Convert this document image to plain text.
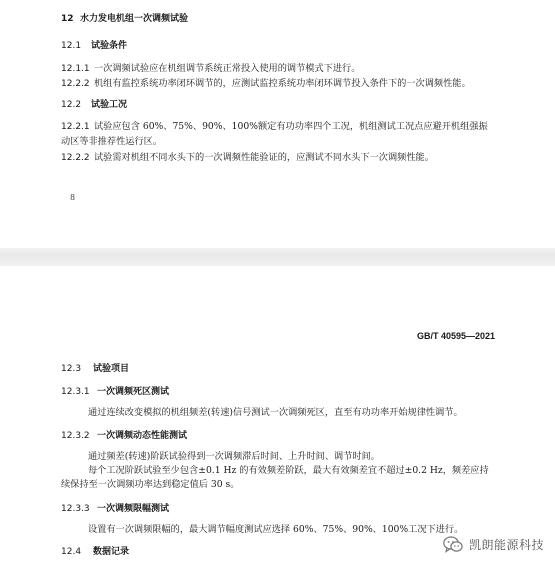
12 水力发电机组一次调频试验
12.1 试验条件
12.1.1 一次调频试验应在机组调节系统正常投入使用的调节模式下进行。
12.2.2 机组有监控系统功率闭环调节的，应测试监控系统功率闭环调节投入条件下的一次调频性能。
12.2 试验工况
12.2.1 试验应包含 60%、75%、90%、100%额定有功功率四个工况，机组测试工况点应避开机组强振
动区等非推荐性运行区。
12.2.2 试验需对机组不同水头下的一次调频性能验证的，应测试不同水头下一次调频性能。
8
GB/T 40595—2021
12.3 试验项目
12.3.1 一次调频死区测试
通过连续改变模拟的机组频差(转速)信号测试一次调频死区，直至有功功率开始规律性调节。
12.3.2 一次调频动态性能测试
通过频差(转速)阶跃试验得到一次调频滞后时间、上升时间、调节时间。
每个工况阶跃试验至少包含±0.1 Hz 的有效频差阶跃，最大有效频差宜不超过±0.2 Hz，频差应持
续保持至一次调频功率达到稳定值后 30 s。
12.3.3 一次调频限幅测试
设置有一次调频限幅的，最大调节幅度测试应选择 60%、75%、90%、100%工况下进行。
12.4 数据记录	凯朗能源科技
